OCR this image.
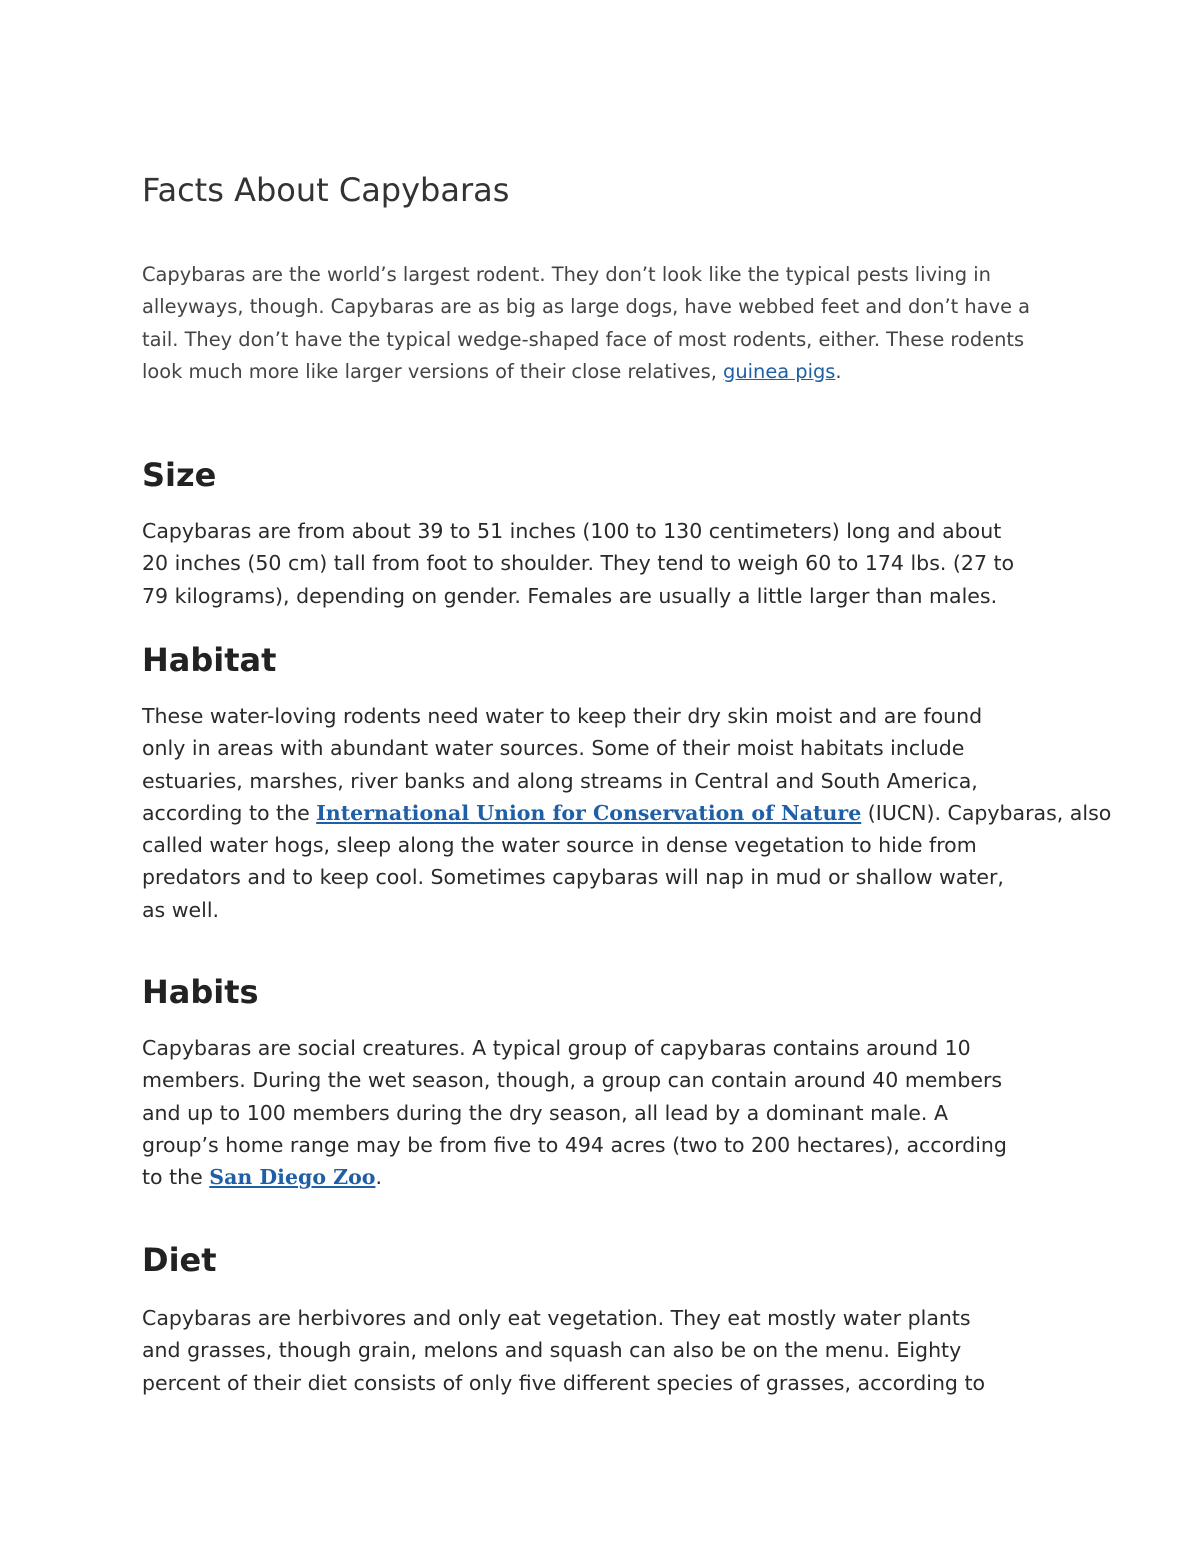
Facts About Capybaras

Capybaras are the world’s largest rodent. They don’t look like the typical pests living in
alleyways, though. Capybaras are as big as large dogs, have webbed feet and don’t have a
tail. They don’t have the typical wedge-shaped face of most rodents, either. These rodents
look much more like larger versions of their close relatives, guinea pigs.

Size

Capybaras are from about 39 to 51 inches (100 to 130 centimeters) long and about
20 inches (50 cm) tall from foot to shoulder. They tend to weigh 60 to 174 lbs. (27 to
79 kilograms), depending on gender. Females are usually a little larger than males.

Habitat

These water-loving rodents need water to keep their dry skin moist and are found
only in areas with abundant water sources. Some of their moist habitats include
estuaries, marshes, river banks and along streams in Central and South America,
according to the International Union for Conservation of Nature (IUCN). Capybaras, also
called water hogs, sleep along the water source in dense vegetation to hide from
predators and to keep cool. Sometimes capybaras will nap in mud or shallow water,
as well.

Habits

Capybaras are social creatures. A typical group of capybaras contains around 10
members. During the wet season, though, a group can contain around 40 members
and up to 100 members during the dry season, all lead by a dominant male. A
group’s home range may be from five to 494 acres (two to 200 hectares), according
to the San Diego Zoo.

Diet

Capybaras are herbivores and only eat vegetation. They eat mostly water plants
and grasses, though grain, melons and squash can also be on the menu. Eighty
percent of their diet consists of only five different species of grasses, according to
